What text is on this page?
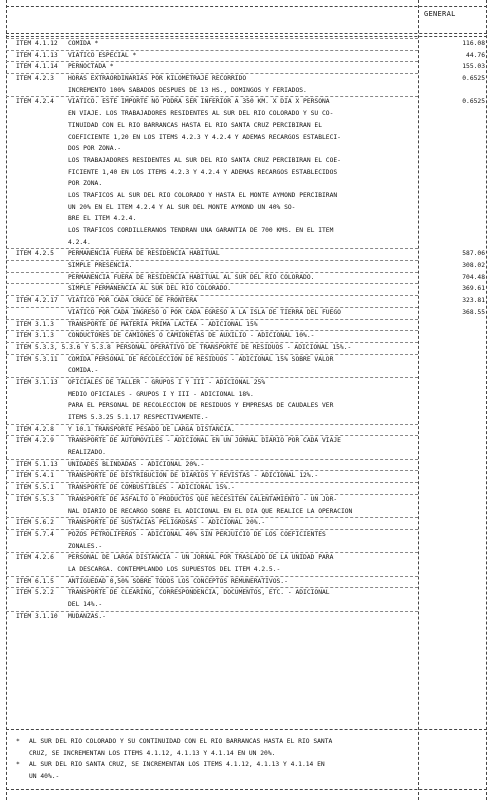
GENERAL
ITEM 4.1.12 COMIDA *	116.08
ITEM 4.1.13 VIATICO ESPECIAL *	44.76
ITEM 4.1.14 PERNOCTADA *	155.03
ITEM 4.2.3 HORAS EXTRAORDINARIAS POR KILOMETRAJE RECORRIDO	0.6525
INCREMENTO 100% SABADOS DESPUES DE 13 HS., DOMINGOS Y FERIADOS.
ITEM 4.2.4 VIATICO. ESTE IMPORTE NO PODRA SER INFERIOR A 350 KM. X DIA X PERSONA	0.6525
EN VIAJE. LOS TRABAJADORES RESIDENTES AL SUR DEL RIO COLORADO Y SU CO-
TINUIDAD CON EL RIO BARRANCAS HASTA EL RIO SANTA CRUZ PERCIBIRAN EL
COEFICIENTE 1,20 EN LOS ITEMS 4.2.3 Y 4.2.4 Y ADEMAS RECARGOS ESTABLECI-
DOS POR ZONA.-
LOS TRABAJADORES RESIDENTES AL SUR DEL RIO SANTA CRUZ PERCIBIRAN EL COE-
FICIENTE 1,40 EN LOS ITEMS 4.2.3 Y 4.2.4 Y ADEMAS RECARGOS ESTABLECIDOS
POR ZONA.
LOS TRAFICOS AL SUR DEL RIO COLORADO Y HASTA EL MONTE AYMOND PERCIBIRAN
UN 20% EN EL ITEM 4.2.4 Y AL SUR DEL MONTE AYMOND UN 40% SO-
BRE EL ITEM 4.2.4.
LOS TRAFICOS CORDILLERANOS TENDRAN UNA GARANTIA DE 700 KMS. EN EL ITEM
4.2.4.
ITEM 4.2.5 PERMANENCIA FUERA DE RESIDENCIA HABITUAL	587.06
SIMPLE PRESENCIA.	308.02
PERMANENCIA FUERA DE RESIDENCIA HABITUAL AL SUR DEL RIO COLORADO.	704.48
SIMPLE PERMANENCIA AL SUR DEL RIO COLORADO.	369.61
ITEM 4.2.17 VIATICO POR CADA CRUCE DE FRONTERA	323.81
VIATICO POR CADA INGRESO O POR CADA EGRESO A LA ISLA DE TIERRA DEL FUEGO	368.55
ITEM 3.1.3 TRANSPORTE DE MATERIA PRIMA LACTEA - ADICIONAL 15%
ITEM 3.1.3 CONDUCTORES DE CAMIONES O CAMIONETAS DE AUXILIO - ADICIONAL 10%.-
ITEM 5.3.3, 5.3.6 Y 5.3.8 PERSONAL OPERATIVO DE TRANSPORTE DE RESIDUOS - ADICIONAL 15%.-
ITEM 5.3.11 COMIDA PERSONAL DE RECOLECCION DE RESIDUOS - ADICIONAL 15% SOBRE VALOR
COMIDA.-
ITEM 3.1.13 OFICIALES DE TALLER - GRUPOS I Y III - ADICIONAL 25%
MEDIO OFICIALES - GRUPOS I Y III - ADICIONAL 18%.
PARA EL PERSONAL DE RECOLECCION DE RESIDUOS Y EMPRESAS DE CAUDALES VER
ITEMS 5.3.25 5.1.17 RESPECTIVAMENTE.-
ITEM 4.2.8 Y 10.1 TRANSPORTE PESADO DE LARGA DISTANCIA.
ITEM 4.2.9 TRANSPORTE DE AUTOMOVILES - ADICIONAL EN UN JORNAL DIARIO POR CADA VIAJE
REALIZADO.
ITEM 5.1.13 UNIDADES BLINDADAS - ADICIONAL 20%.-
ITEM 5.4.1 TRANSPORTE DE DISTRIBUCION DE DIARIOS Y REVISTAS - ADICIONAL 12%.-
ITEM 5.5.1 TRANSPORTE DE COMBUSTIBLES - ADICIONAL 15%.-
ITEM 5.5.3 TRANSPORTE DE ASFALTO O PRODUCTOS QUE NECESITEN CALENTAMIENTO - UN JOR-
NAL DIARIO DE RECARGO SOBRE EL ADICIONAL EN EL DIA QUE REALICE LA OPERACION
ITEM 5.6.2 TRANSPORTE DE SUSTACIAS PELIGROSAS - ADICIONAL 20%.-
ITEM 5.7.4 POZOS PETROLIFEROS - ADICIONAL 40% SIN PERJUICIO DE LOS COEFICIENTES
ZONALES.-
ITEM 4.2.6 PERSONAL DE LARGA DISTANCIA - UN JORNAL POR TRASLADO DE LA UNIDAD PARA
LA DESCARGA. CONTEMPLANDO LOS SUPUESTOS DEL ITEM 4.2.5.-
ITEM 6.1.5 ANTIGUEDAD 0,50% SOBRE TODOS LOS CONCEPTOS REMUNERATIVOS.-
ITEM 5.2.2 TRANSPORTE DE CLEARING, CORRESPONDENCIA, DOCUMENTOS, ETC. - ADICIONAL
DEL 14%.-
ITEM 3.1.10 MUDANZAS.-
* AL SUR DEL RIO COLORADO Y SU CONTINUIDAD CON EL RIO BARRANCAS HASTA EL RIO SANTA
CRUZ, SE INCREMENTAN LOS ITEMS 4.1.12, 4.1.13 Y 4.1.14 EN UN 20%.
* AL SUR DEL RIO SANTA CRUZ, SE INCREMENTAN LOS ITEMS 4.1.12, 4.1.13 Y 4.1.14 EN
UN 40%.-
